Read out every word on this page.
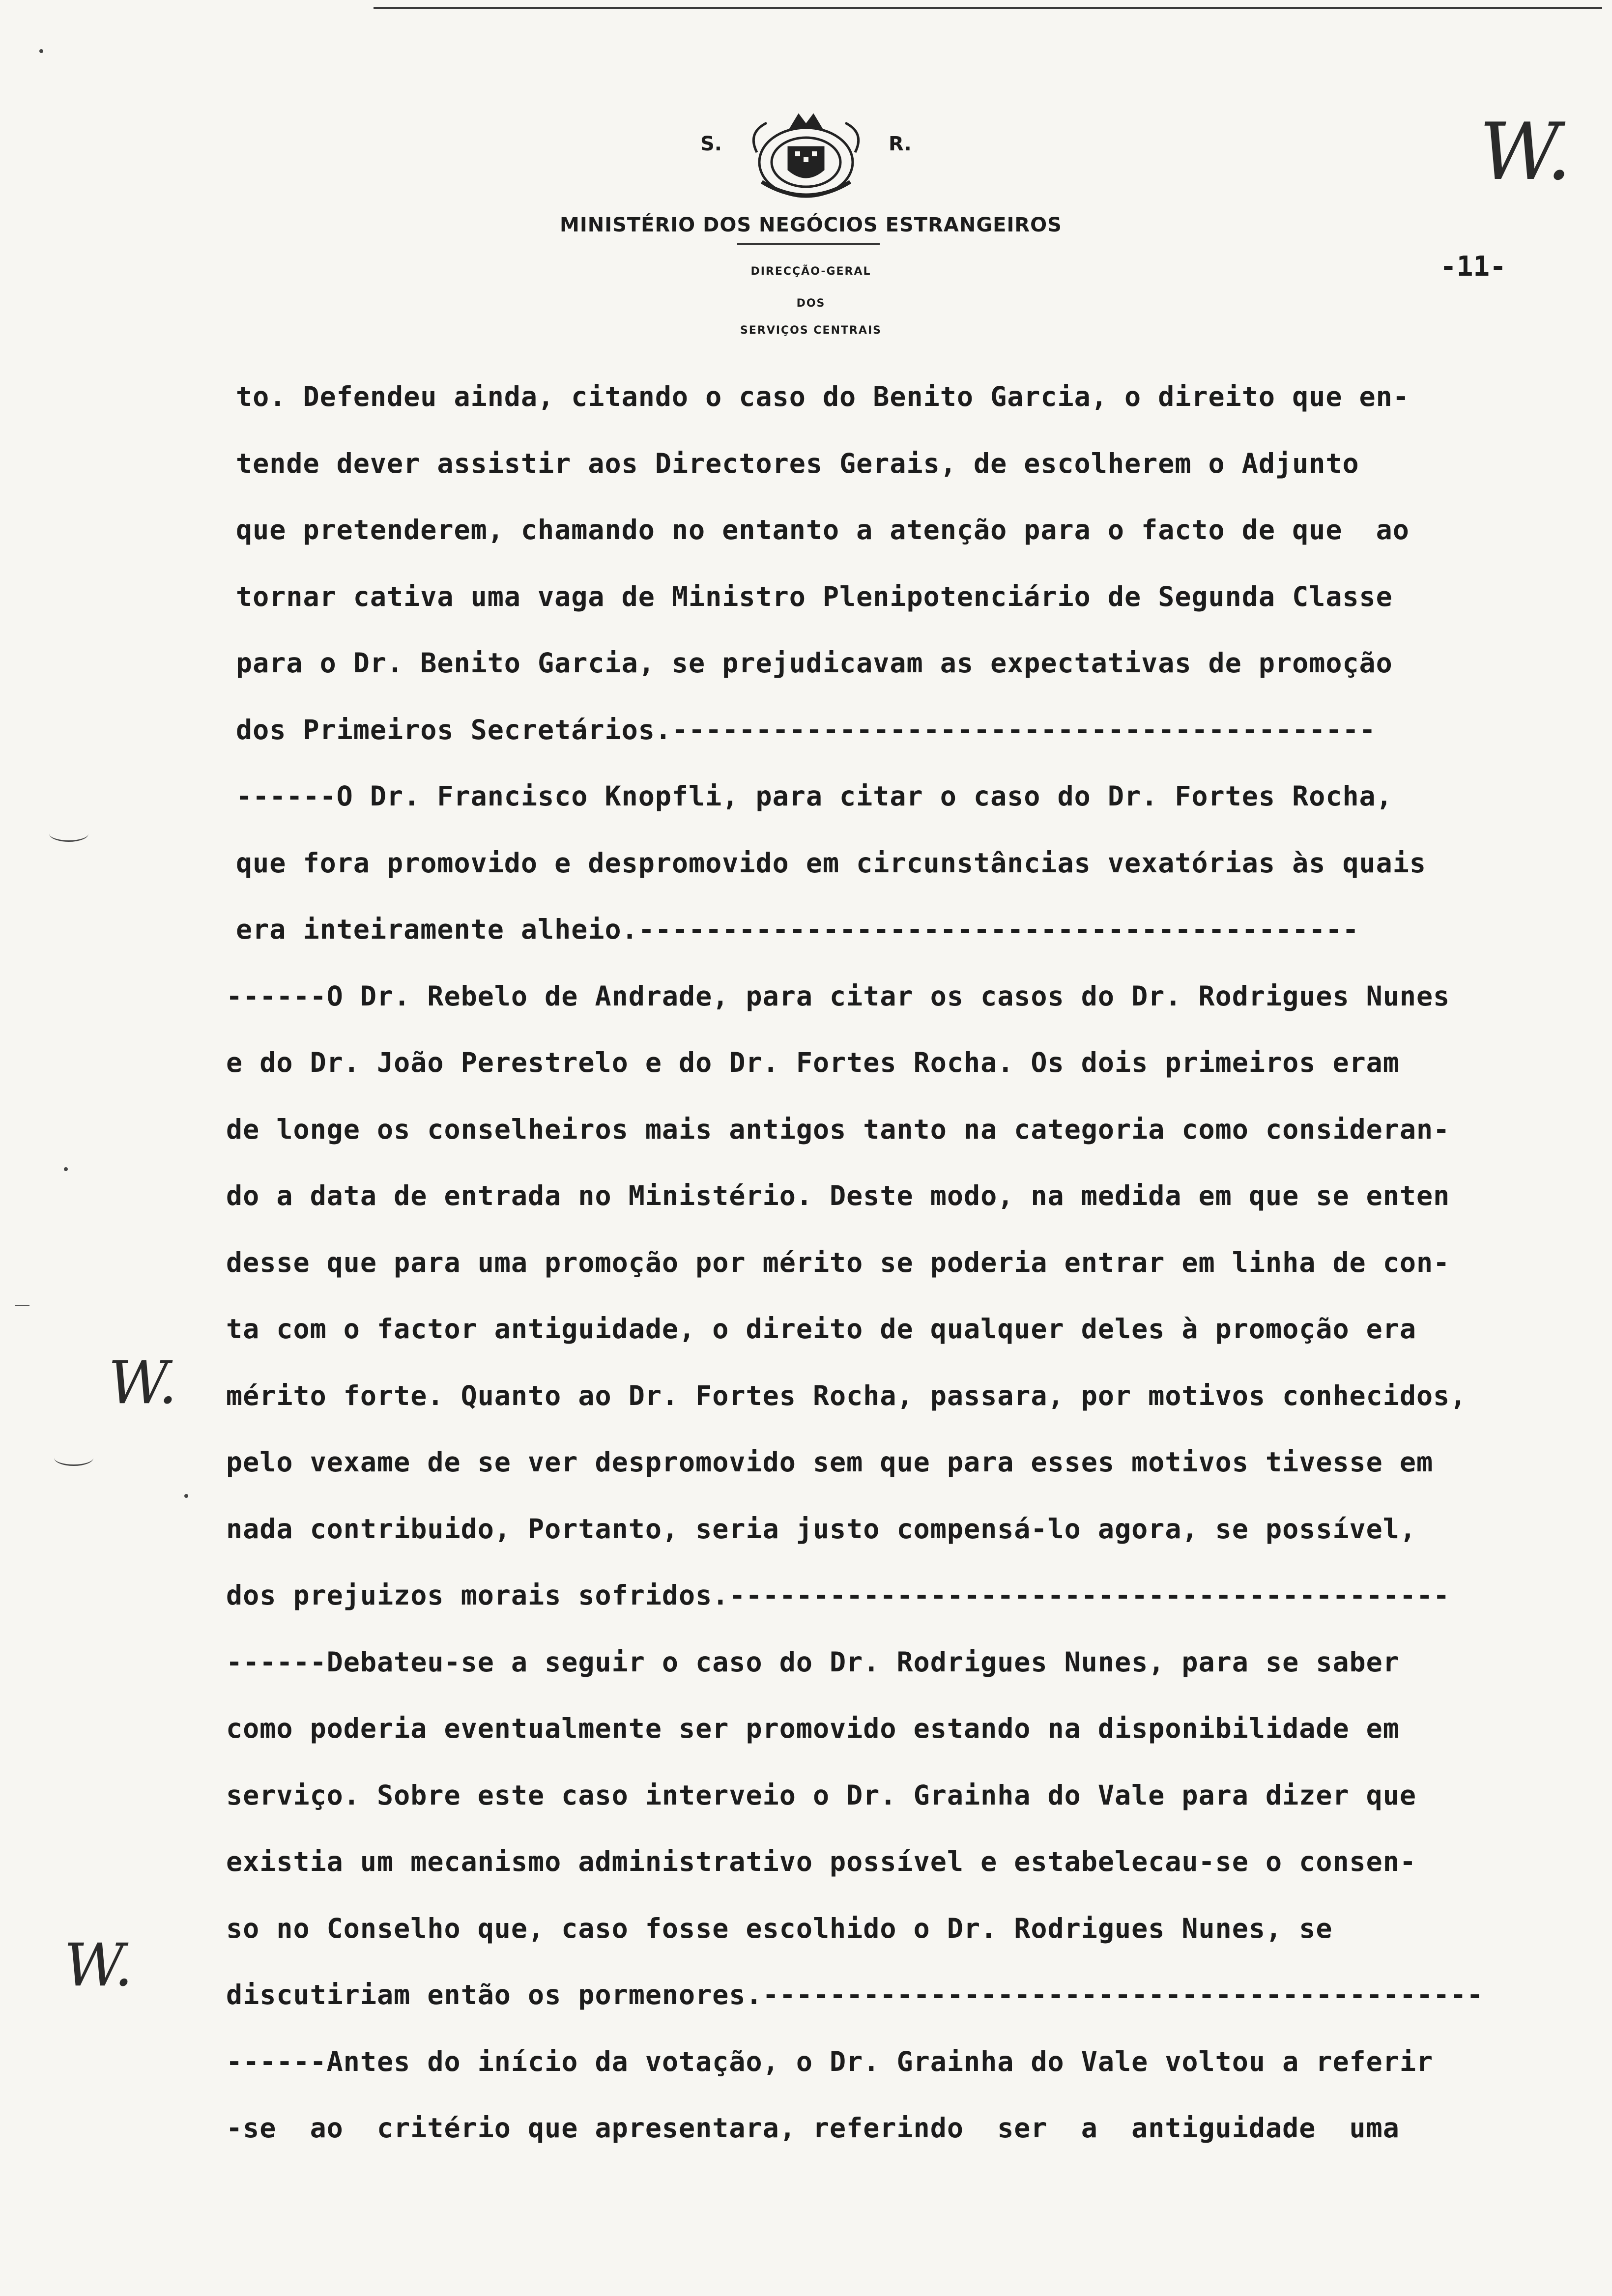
S.	R.
MINISTÉRIO DOS NEGÓCIOS ESTRANGEIROS
DIRECÇÃO-GERAL
DOS
SERVIÇOS CENTRAIS
-11-
W.
W.
W.
to. Defendeu ainda, citando o caso do Benito Garcia, o direito que en-
tende dever assistir aos Directores Gerais, de escolherem o Adjunto
que pretenderem, chamando no entanto a atenção para o facto de que  ao
tornar cativa uma vaga de Ministro Plenipotenciário de Segunda Classe
para o Dr. Benito Garcia, se prejudicavam as expectativas de promoção
dos Primeiros Secretários.------------------------------------------
------O Dr. Francisco Knopfli, para citar o caso do Dr. Fortes Rocha,
que fora promovido e despromovido em circunstâncias vexatórias às quais
era inteiramente alheio.-------------------------------------------
------O Dr. Rebelo de Andrade, para citar os casos do Dr. Rodrigues Nunes
e do Dr. João Perestrelo e do Dr. Fortes Rocha. Os dois primeiros eram
de longe os conselheiros mais antigos tanto na categoria como consideran-
do a data de entrada no Ministério. Deste modo, na medida em que se enten
desse que para uma promoção por mérito se poderia entrar em linha de con-
ta com o factor antiguidade, o direito de qualquer deles à promoção era
mérito forte. Quanto ao Dr. Fortes Rocha, passara, por motivos conhecidos,
pelo vexame de se ver despromovido sem que para esses motivos tivesse em
nada contribuido, Portanto, seria justo compensá-lo agora, se possível,
dos prejuizos morais sofridos.-------------------------------------------
------Debateu-se a seguir o caso do Dr. Rodrigues Nunes, para se saber
como poderia eventualmente ser promovido estando na disponibilidade em
serviço. Sobre este caso interveio o Dr. Grainha do Vale para dizer que
existia um mecanismo administrativo possível e estabelecau-se o consen-
so no Conselho que, caso fosse escolhido o Dr. Rodrigues Nunes, se
discutiriam então os pormenores.-------------------------------------------
------Antes do início da votação, o Dr. Grainha do Vale voltou a referir
-se  ao  critério que apresentara, referindo  ser  a  antiguidade  uma
